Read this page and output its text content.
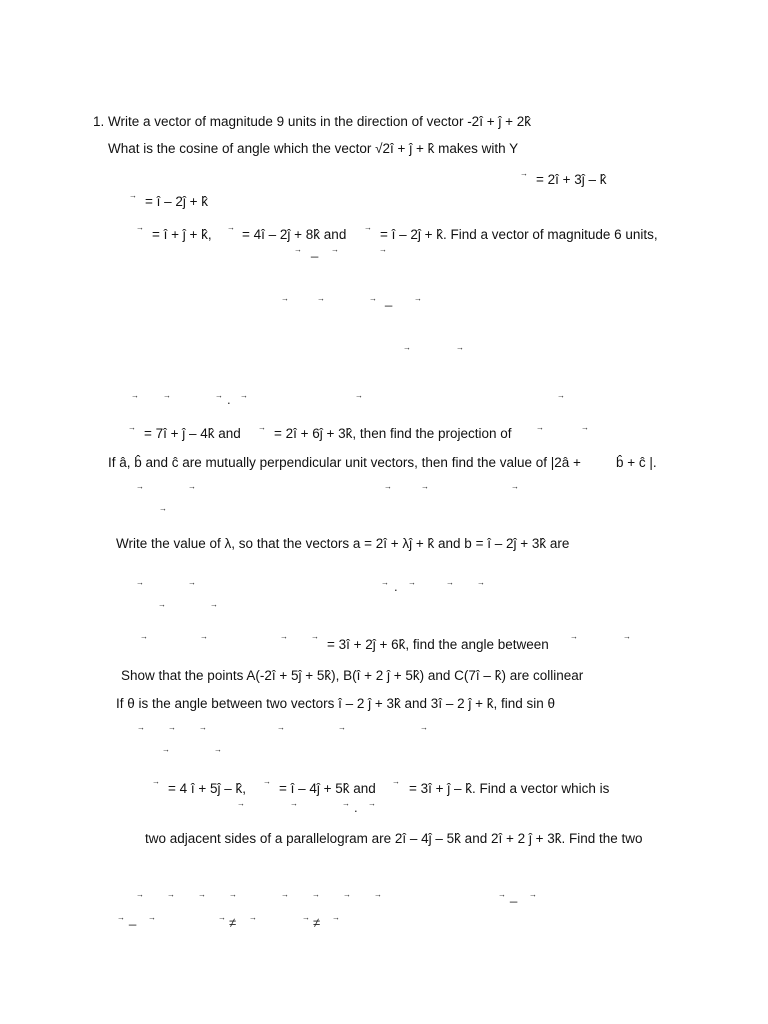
1. Write a vector of magnitude 9 units in the direction of vector -2î + ĵ + 2k̂
What is the cosine of angle which the vector √2î + ĵ + k̂ makes with Y
= 2î + 3ĵ – k̂
= î – 2ĵ + k̂
= î + ĵ + k̂, = 4î – 2ĵ + 8k̂ and = î – 2ĵ + k̂. Find a vector of magnitude 6 units,
= 7î + ĵ – 4k̂ and = 2î + 6ĵ + 3k̂, then find the projection of
If â, b̂ and ĉ are mutually perpendicular unit vectors, then find the value of |2â +	b̂ + ĉ |.
Write the value of λ, so that the vectors a = 2î + λĵ + k̂ and b = î – 2ĵ + 3k̂ are
= 3î + 2ĵ + 6k̂, find the angle between
Show that the points A(-2î + 5ĵ + 5k̂), B(î + 2 ĵ + 5k̂) and C(7î – k̂) are collinear
If θ is the angle between two vectors î – 2 ĵ + 3k̂ and 3î – 2 ĵ + k̂, find sin θ
= 4 î + 5ĵ – k̂, = î – 4ĵ + 5k̂ and = 3î + ĵ – k̂. Find a vector which is
two adjacent sides of a parallelogram are 2î – 4ĵ – 5k̂ and 2î + 2 ĵ + 3k̂. Find the two
→
→
→	→	→
→ _ →	→
→	→	→ _	→
→	→
→	→	→ . →	→	→
→	→	→	→
→	→	→	→	→
→
→	→	→ . →	→	→
→	→
→	→	→	→	→	→
→	→	→	→	→	→
→	→
→	→	→
→	→	→ . →
→	→	→	→	→	→	→	→	→ _ →
→ _ →	→ ≠ →	→ ≠ →
